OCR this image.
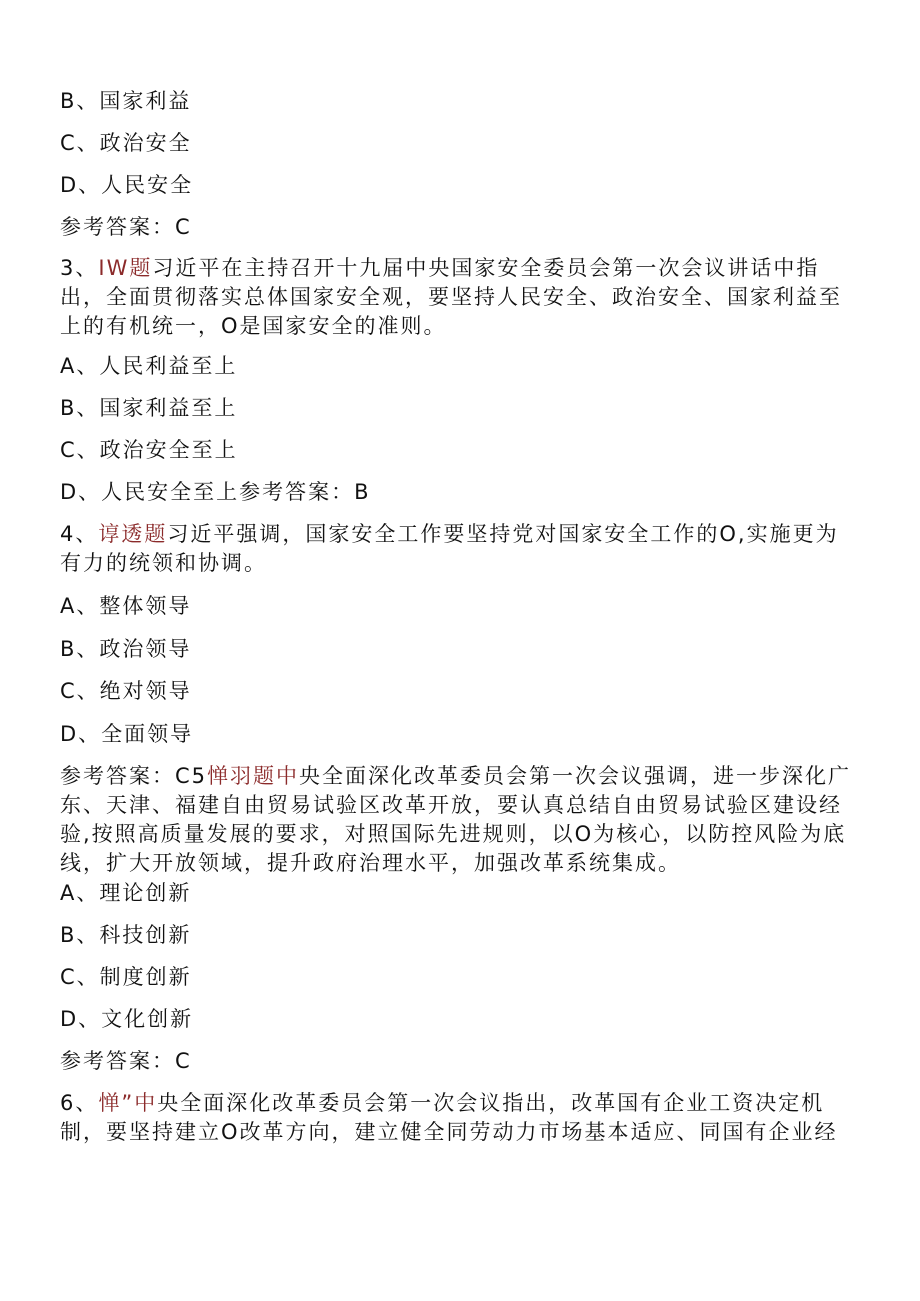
B、国家利益
C、政治安全
D、人民安全
参考答案：C
3、IW题习近平在主持召开十九届中央国家安全委员会第一次会议讲话中指出，全面贯彻落实总体国家安全观，要坚持人民安全、政治安全、国家利益至上的有机统一，O是国家安全的准则。
A、人民利益至上
B、国家利益至上
C、政治安全至上
D、人民安全至上参考答案：B
4、谆透题习近平强调，国家安全工作要坚持党对国家安全工作的O,实施更为有力的统领和协调。
A、整体领导
B、政治领导
C、绝对领导
D、全面领导
参考答案：C5惮羽题中央全面深化改革委员会第一次会议强调，进一步深化广东、天津、福建自由贸易试验区改革开放，要认真总结自由贸易试验区建设经验,按照高质量发展的要求，对照国际先进规则，以O为核心，以防控风险为底线，扩大开放领域，提升政府治理水平，加强改革系统集成。
A、理论创新
B、科技创新
C、制度创新
D、文化创新
参考答案：C
6、惮”中央全面深化改革委员会第一次会议指出，改革国有企业工资决定机制，要坚持建立O改革方向，建立健全同劳动力市场基本适应、同国有企业经
